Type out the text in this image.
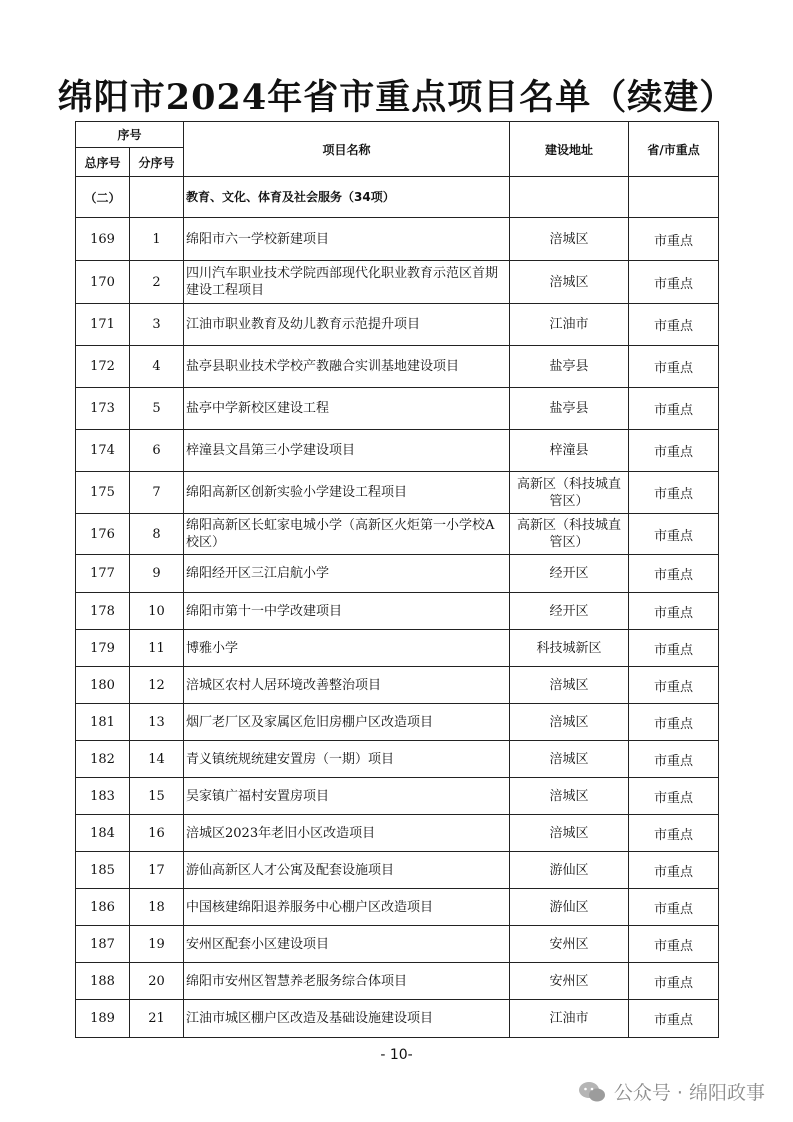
绵阳市2024年省市重点项目名单（续建）
序号		项目名称	建设地址	省/市重点
总序号	分序号			
（二）		教育、文化、体育及社会服务（34项）		
169	1	绵阳市六一学校新建项目	涪城区	市重点
170	2	四川汽车职业技术学院西部现代化职业教育示范区首期建设工程项目	涪城区	市重点
171	3	江油市职业教育及幼儿教育示范提升项目	江油市	市重点
172	4	盐亭县职业技术学校产教融合实训基地建设项目	盐亭县	市重点
173	5	盐亭中学新校区建设工程	盐亭县	市重点
174	6	梓潼县文昌第三小学建设项目	梓潼县	市重点
175	7	绵阳高新区创新实验小学建设工程项目	高新区（科技城直管区）	市重点
176	8	绵阳高新区长虹家电城小学（高新区火炬第一小学校A校区）	高新区（科技城直管区）	市重点
177	9	绵阳经开区三江启航小学	经开区	市重点
178	10	绵阳市第十一中学改建项目	经开区	市重点
179	11	博雅小学	科技城新区	市重点
180	12	涪城区农村人居环境改善整治项目	涪城区	市重点
181	13	烟厂老厂区及家属区危旧房棚户区改造项目	涪城区	市重点
182	14	青义镇统规统建安置房（一期）项目	涪城区	市重点
183	15	吴家镇广福村安置房项目	涪城区	市重点
184	16	涪城区2023年老旧小区改造项目	涪城区	市重点
185	17	游仙高新区人才公寓及配套设施项目	游仙区	市重点
186	18	中国核建绵阳退养服务中心棚户区改造项目	游仙区	市重点
187	19	安州区配套小区建设项目	安州区	市重点
188	20	绵阳市安州区智慧养老服务综合体项目	安州区	市重点
189	21	江油市城区棚户区改造及基础设施建设项目	江油市	市重点
- 10-
公众号 · 绵阳政事
